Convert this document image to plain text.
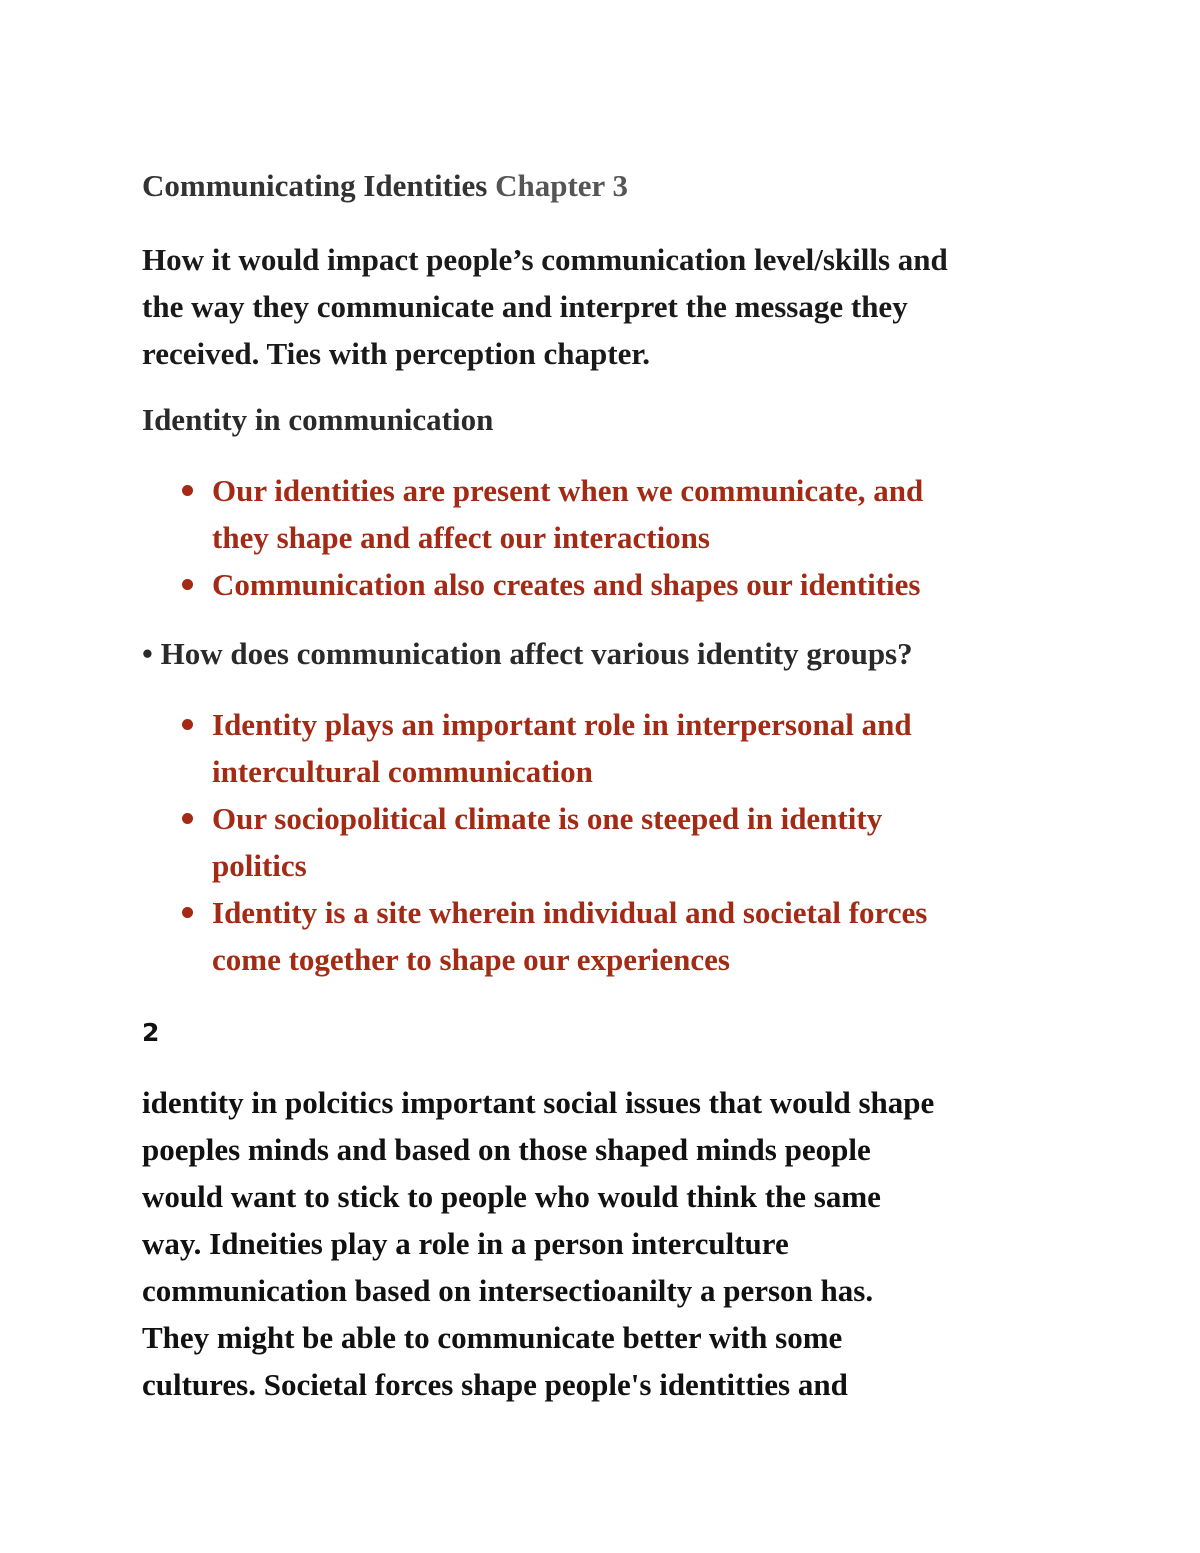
Communicating Identities Chapter 3

How it would impact people’s communication level/skills and
the way they communicate and interpret the message they
received. Ties with perception chapter.

Identity in communication
Our identities are present when we communicate, and
they shape and affect our interactions
Communication also creates and shapes our identities
• How does communication affect various identity groups?
Identity plays an important role in interpersonal and
intercultural communication
Our sociopolitical climate is one steeped in identity
politics
Identity is a site wherein individual and societal forces
come together to shape our experiences
2

identity in polcitics important social issues that would shape
poeples minds and based on those shaped minds people
would want to stick to people who would think the same
way. Idneities play a role in a person interculture
communication based on intersectioanilty a person has.
They might be able to communicate better with some
cultures. Societal forces shape people's identitties and
